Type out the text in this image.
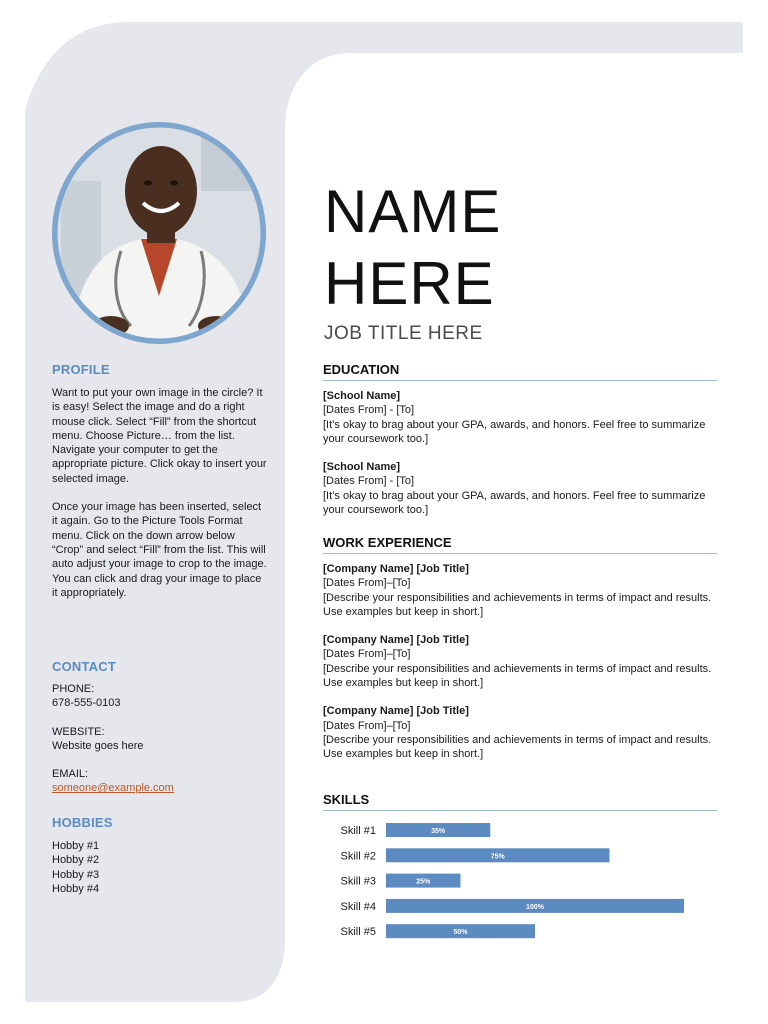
PROFILE

Want to put your own image in the circle? It is easy! Select the image and do a right mouse click. Select “Fill” from the shortcut menu. Choose Picture… from the list. Navigate your computer to get the appropriate picture. Click okay to insert your selected image.

Once your image has been inserted, select it again. Go to the Picture Tools Format menu. Click on the down arrow below “Crop” and select “Fill” from the list. This will auto adjust your image to crop to the image. You can click and drag your image to place it appropriately.

CONTACT
PHONE:
678-555-0103
WEBSITE:
Website goes here
EMAIL:
someone@example.com
HOBBIES
Hobby #1
Hobby #2
Hobby #3
Hobby #4
NAME
HERE
JOB TITLE HERE
EDUCATION
[School Name]
[Dates From] - [To]
[It’s okay to brag about your GPA, awards, and honors. Feel free to summarize your coursework too.]
[School Name]
[Dates From] - [To]
[It’s okay to brag about your GPA, awards, and honors. Feel free to summarize your coursework too.]
WORK EXPERIENCE
[Company Name] [Job Title]
[Dates From]–[To]
[Describe your responsibilities and achievements in terms of impact and results. Use examples but keep in short.]
[Company Name] [Job Title]
[Dates From]–[To]
[Describe your responsibilities and achievements in terms of impact and results. Use examples but keep in short.]
[Company Name] [Job Title]
[Dates From]–[To]
[Describe your responsibilities and achievements in terms of impact and results. Use examples but keep in short.]
SKILLS
Skill #1	35%
Skill #2	75%
Skill #3	25%
Skill #4	100%
Skill #5	50%
